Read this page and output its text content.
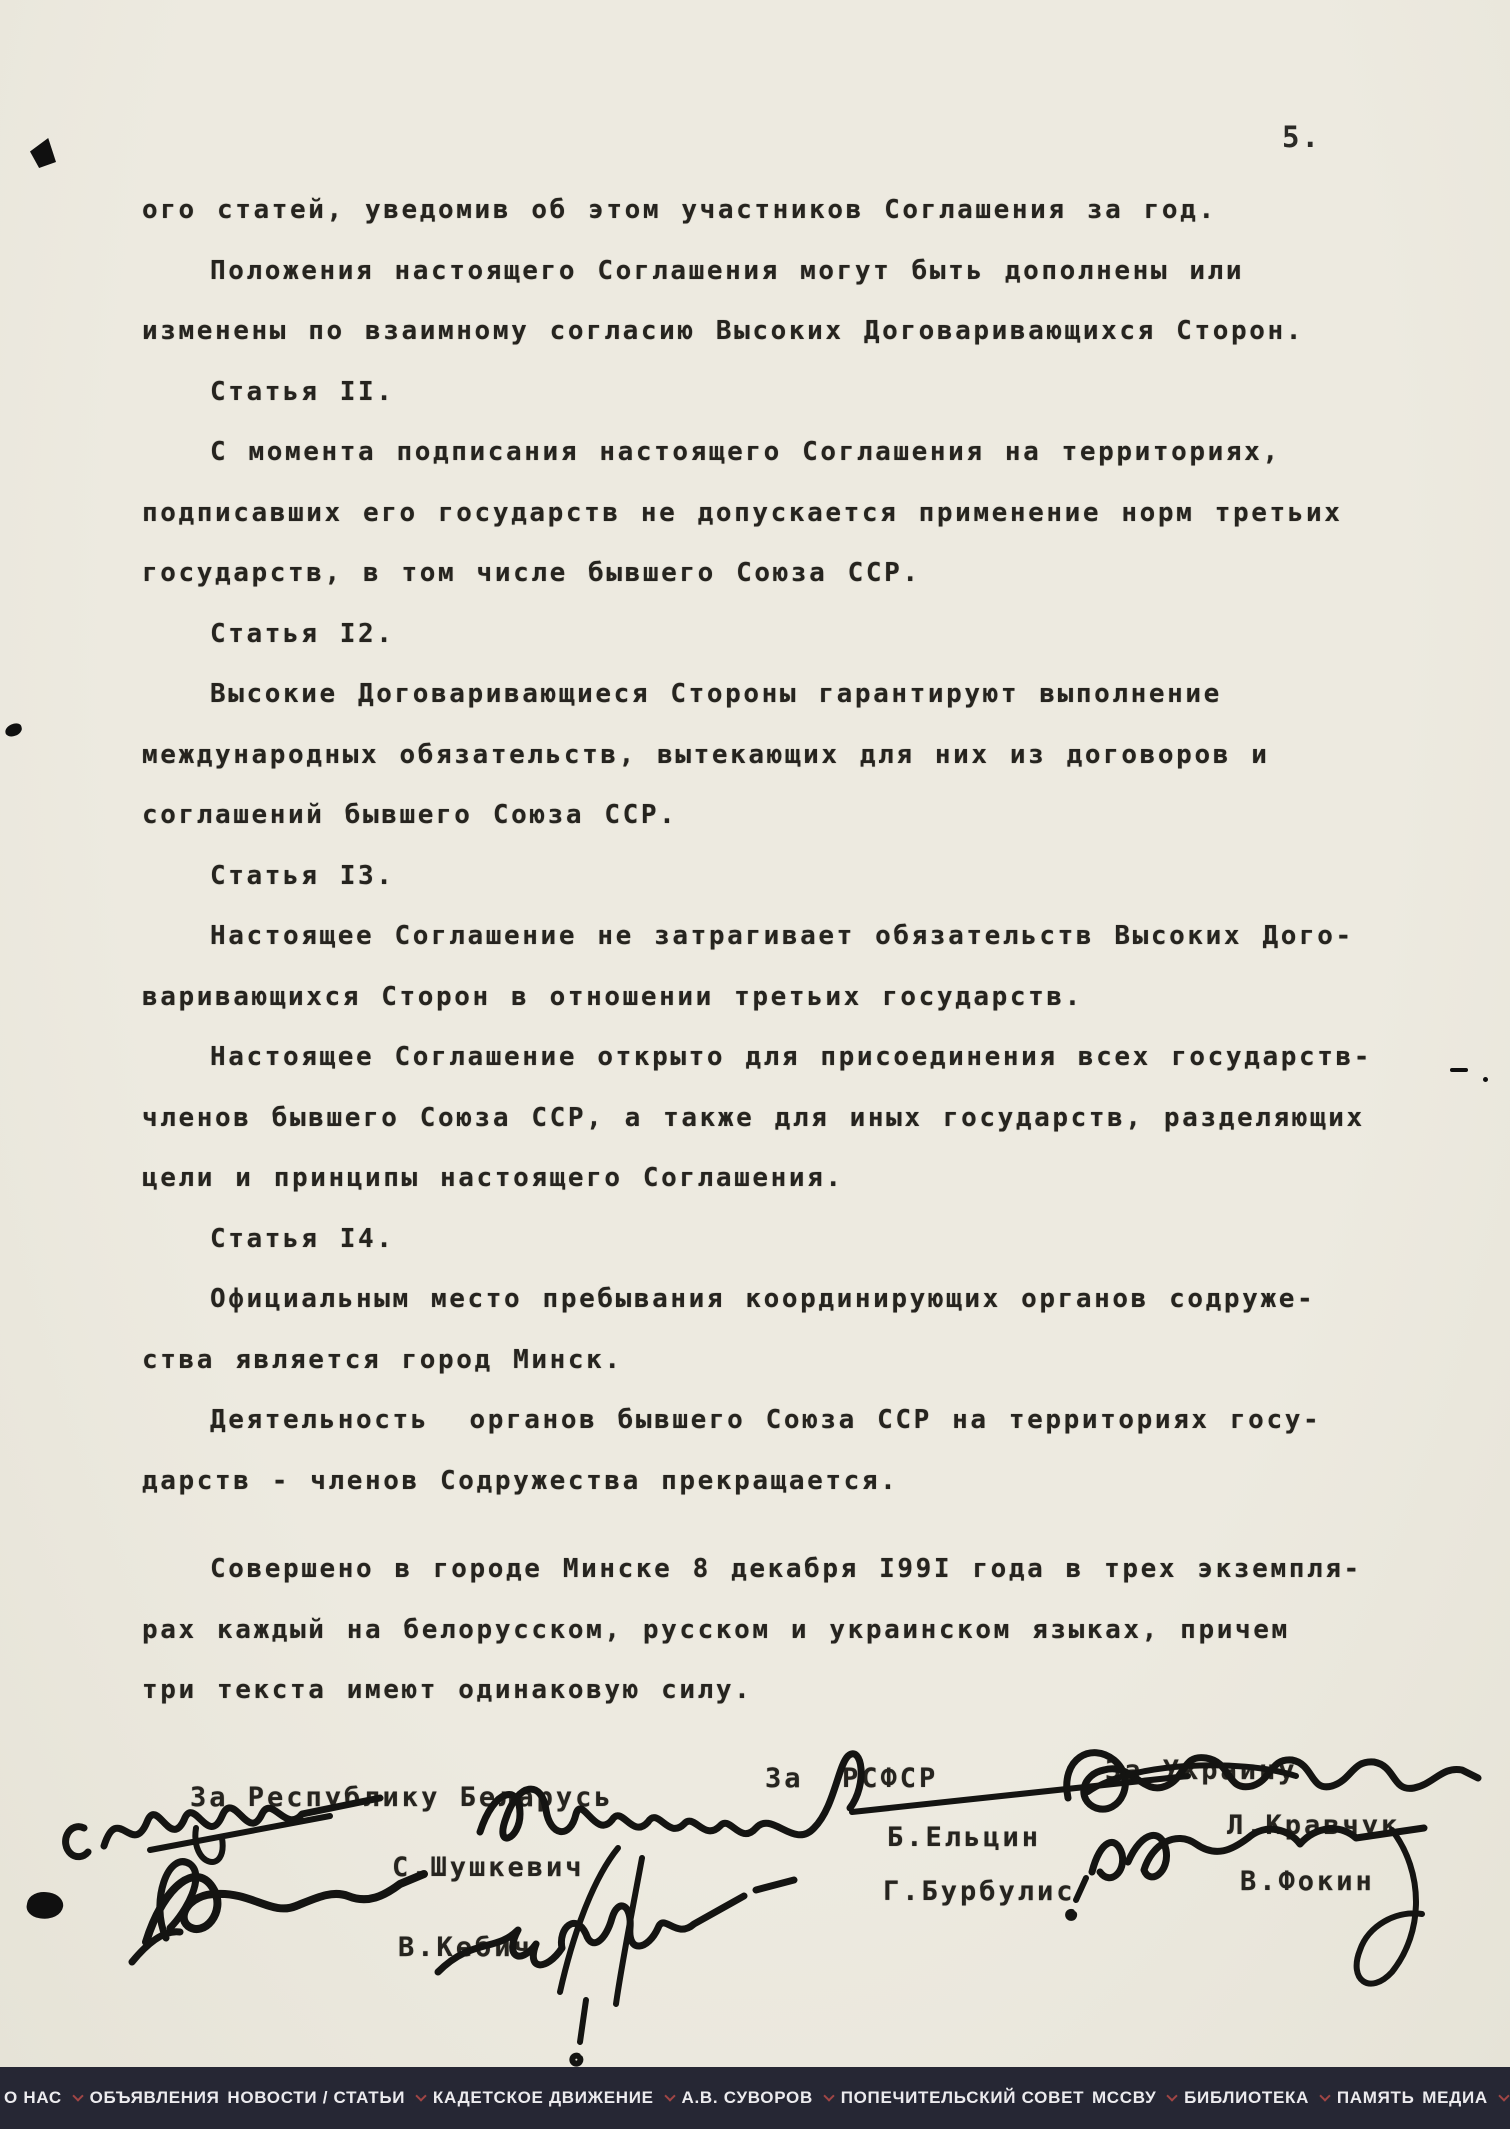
5.
ого статей, уведомив об этом участников Соглашения за год.
Положения настоящего Соглашения могут быть дополнены или
изменены по взаимному согласию Высоких Договаривающихся Сторон.
Статья II.
С момента подписания настоящего Соглашения на территориях,
подписавших его государств не допускается применение норм третьих
государств, в том числе бывшего Союза ССР.
Статья I2.
Высокие Договаривающиеся Стороны гарантируют выполнение
международных обязательств, вытекающих для них из договоров и
соглашений бывшего Союза ССР.
Статья I3.
Настоящее Соглашение не затрагивает обязательств Высоких Дого-
варивающихся Сторон в отношении третьих государств.
Настоящее Соглашение открыто для присоединения всех государств-
членов бывшего Союза ССР, а также для иных государств, разделяющих
цели и принципы настоящего Соглашения.
Статья I4.
Официальным место пребывания координирующих органов содруже-
ства является город Минск.
Деятельность  органов бывшего Союза ССР на территориях госу-
дарств - членов Содружества прекращается.
Совершено в городе Минске 8 декабря I99I года в трех экземпля-
рах каждый на белорусском, русском и украинском языках, причем
три текста имеют одинаковую силу.
За Республику Беларусь
За  РСФСР	За Украину
С.Шушкевич
В.Кебич
Б.Ельцин
Г.Бурбулис
Л.Кравчук
В.Фокин
О НАС ОБЪЯВЛЕНИЯ НОВОСТИ / СТАТЬИ КАДЕТСКОЕ ДВИЖЕНИЕ А.В. СУВОРОВ ПОПЕЧИТЕЛЬСКИЙ СОВЕТ МССВУ БИБЛИОТЕКА ПАМЯТЬ МЕДИА
